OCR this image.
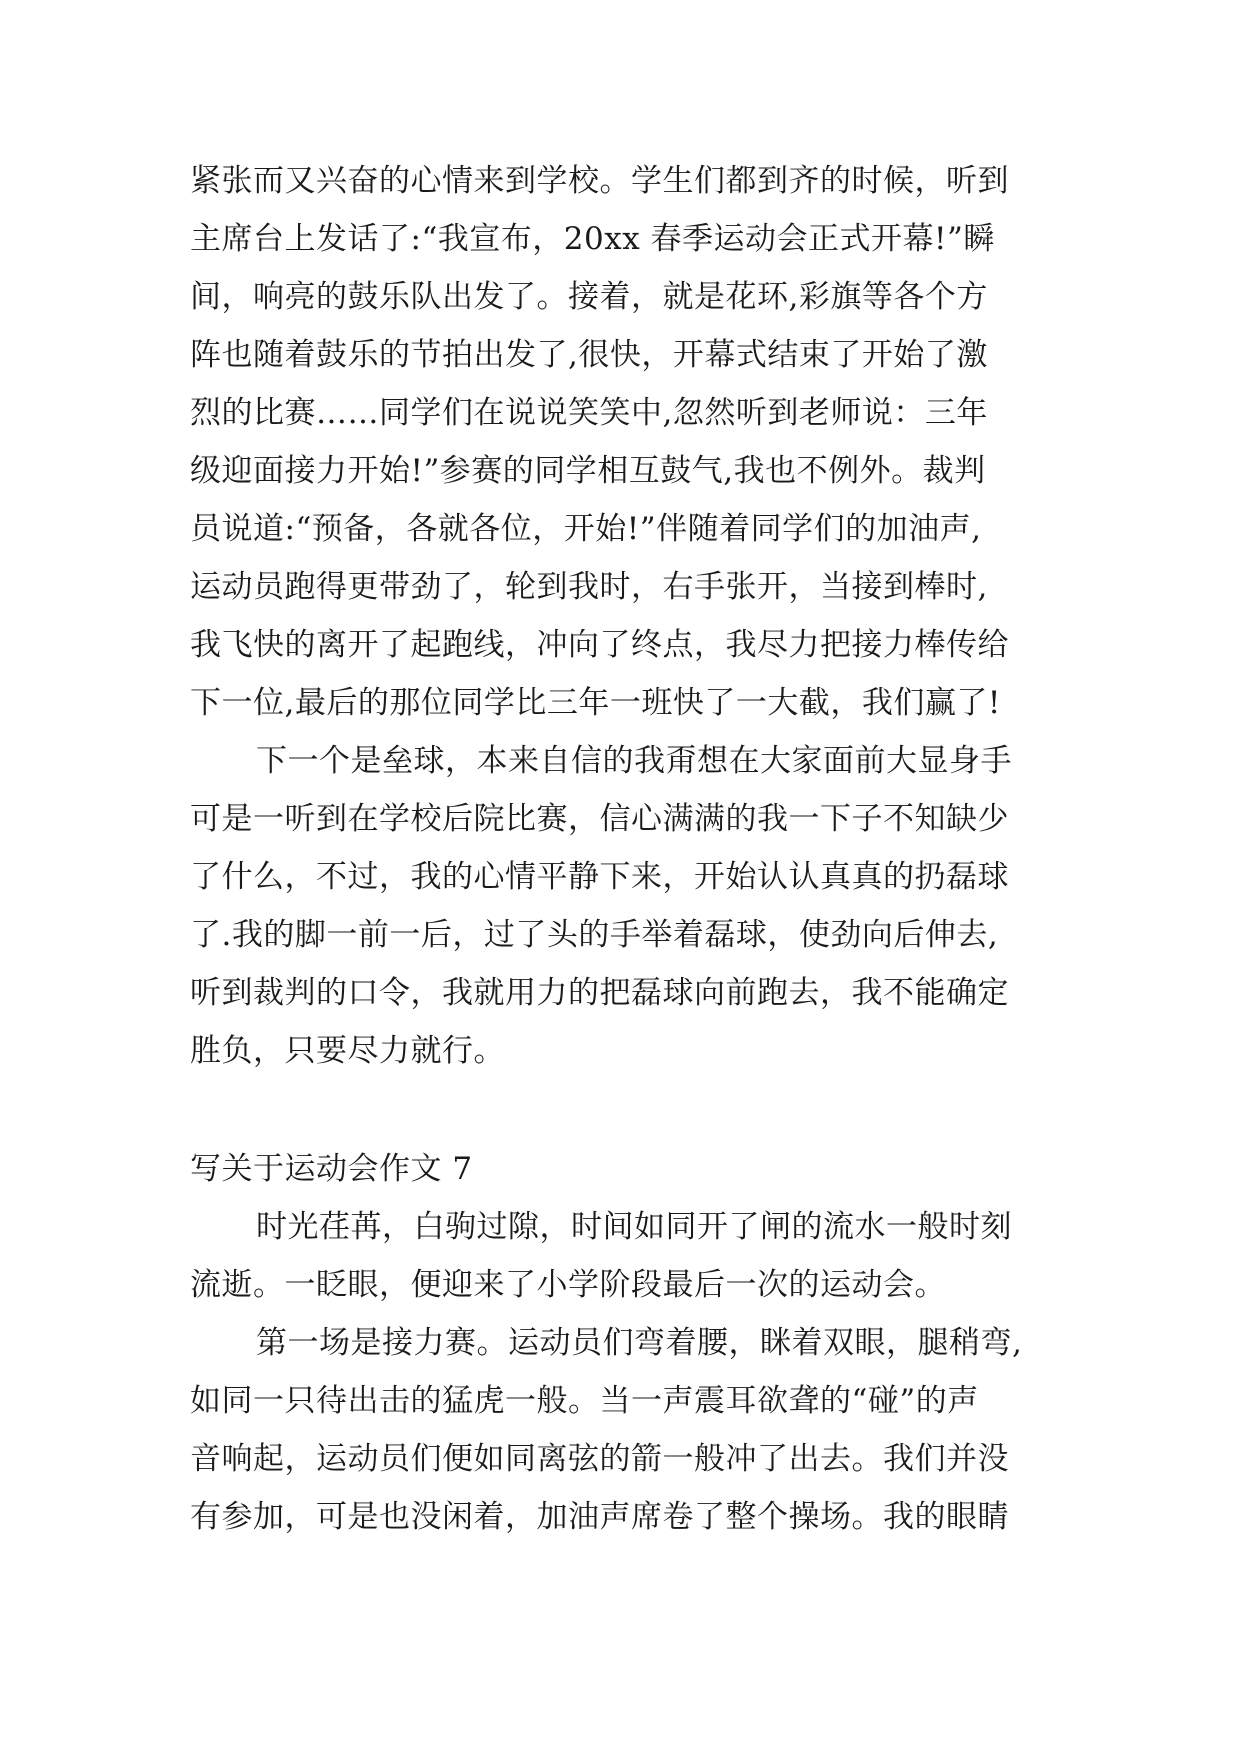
紧张而又兴奋的心情来到学校。学生们都到齐的时候，听到
主席台上发话了:“我宣布，20xx 春季运动会正式开幕!”瞬
间，响亮的鼓乐队出发了。接着，就是花环,彩旗等各个方
阵也随着鼓乐的节拍出发了,很快，开幕式结束了开始了激
烈的比赛……同学们在说说笑笑中,忽然听到老师说：三年
级迎面接力开始!”参赛的同学相互鼓气,我也不例外。裁判
员说道:“预备，各就各位，开始!”伴随着同学们的加油声,
运动员跑得更带劲了，轮到我时，右手张开，当接到棒时,
我飞快的离开了起跑线，冲向了终点，我尽力把接力棒传给
下一位,最后的那位同学比三年一班快了一大截，我们赢了!
下一个是垒球，本来自信的我甭想在大家面前大显身手
可是一听到在学校后院比赛，信心满满的我一下子不知缺少
了什么，不过，我的心情平静下来，开始认认真真的扔磊球
了.我的脚一前一后，过了头的手举着磊球，使劲向后伸去,
听到裁判的口令，我就用力的把磊球向前跑去，我不能确定
胜负，只要尽力就行。
写关于运动会作文 7
时光荏苒，白驹过隙，时间如同开了闸的流水一般时刻
流逝。一眨眼，便迎来了小学阶段最后一次的运动会。
第一场是接力赛。运动员们弯着腰，眯着双眼，腿稍弯,
如同一只待出击的猛虎一般。当一声震耳欲聋的“碰”的声
音响起，运动员们便如同离弦的箭一般冲了出去。我们并没
有参加，可是也没闲着，加油声席卷了整个操场。我的眼睛
